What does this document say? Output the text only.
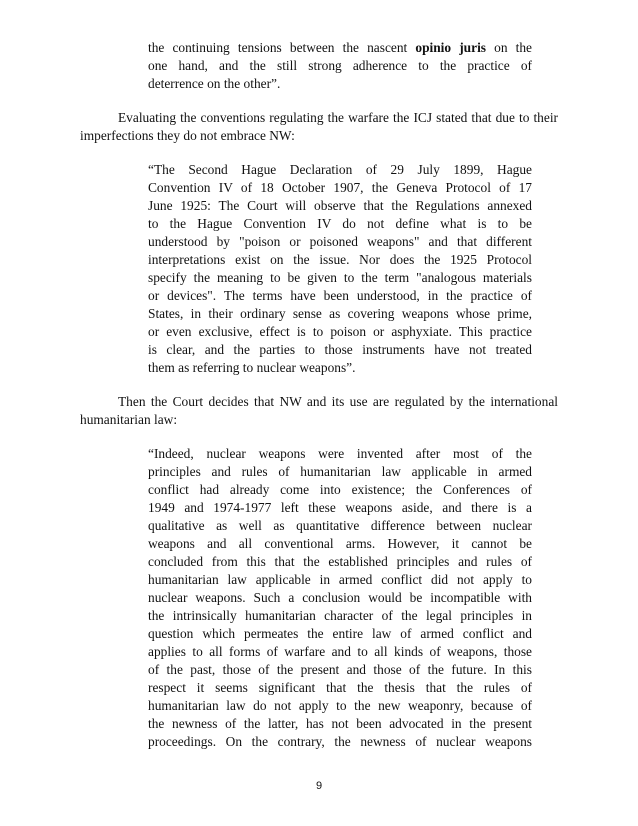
the continuing tensions between the nascent opinio juris on the
one hand, and the still strong adherence to the practice of
deterrence on the other”.
Evaluating the conventions regulating the warfare the ICJ stated that due to their
imperfections they do not embrace NW:
“The Second Hague Declaration of 29 July 1899, Hague
Convention IV of 18 October 1907, the Geneva Protocol of 17
June 1925: The Court will observe that the Regulations annexed
to the Hague Convention IV do not define what is to be
understood by "poison or poisoned weapons" and that different
interpretations exist on the issue. Nor does the 1925 Protocol
specify the meaning to be given to the term "analogous materials
or devices". The terms have been understood, in the practice of
States, in their ordinary sense as covering weapons whose prime,
or even exclusive, effect is to poison or asphyxiate. This practice
is clear, and the parties to those instruments have not treated
them as referring to nuclear weapons”.
Then the Court decides that NW and its use are regulated by the international
humanitarian law:
“Indeed, nuclear weapons were invented after most of the
principles and rules of humanitarian law applicable in armed
conflict had already come into existence; the Conferences of
1949 and 1974-1977 left these weapons aside, and there is a
qualitative as well as quantitative difference between nuclear
weapons and all conventional arms. However, it cannot be
concluded from this that the established principles and rules of
humanitarian law applicable in armed conflict did not apply to
nuclear weapons. Such a conclusion would be incompatible with
the intrinsically humanitarian character of the legal principles in
question which permeates the entire law of armed conflict and
applies to all forms of warfare and to all kinds of weapons, those
of the past, those of the present and those of the future. In this
respect it seems significant that the thesis that the rules of
humanitarian law do not apply to the new weaponry, because of
the newness of the latter, has not been advocated in the present
proceedings. On the contrary, the newness of nuclear weapons
9
